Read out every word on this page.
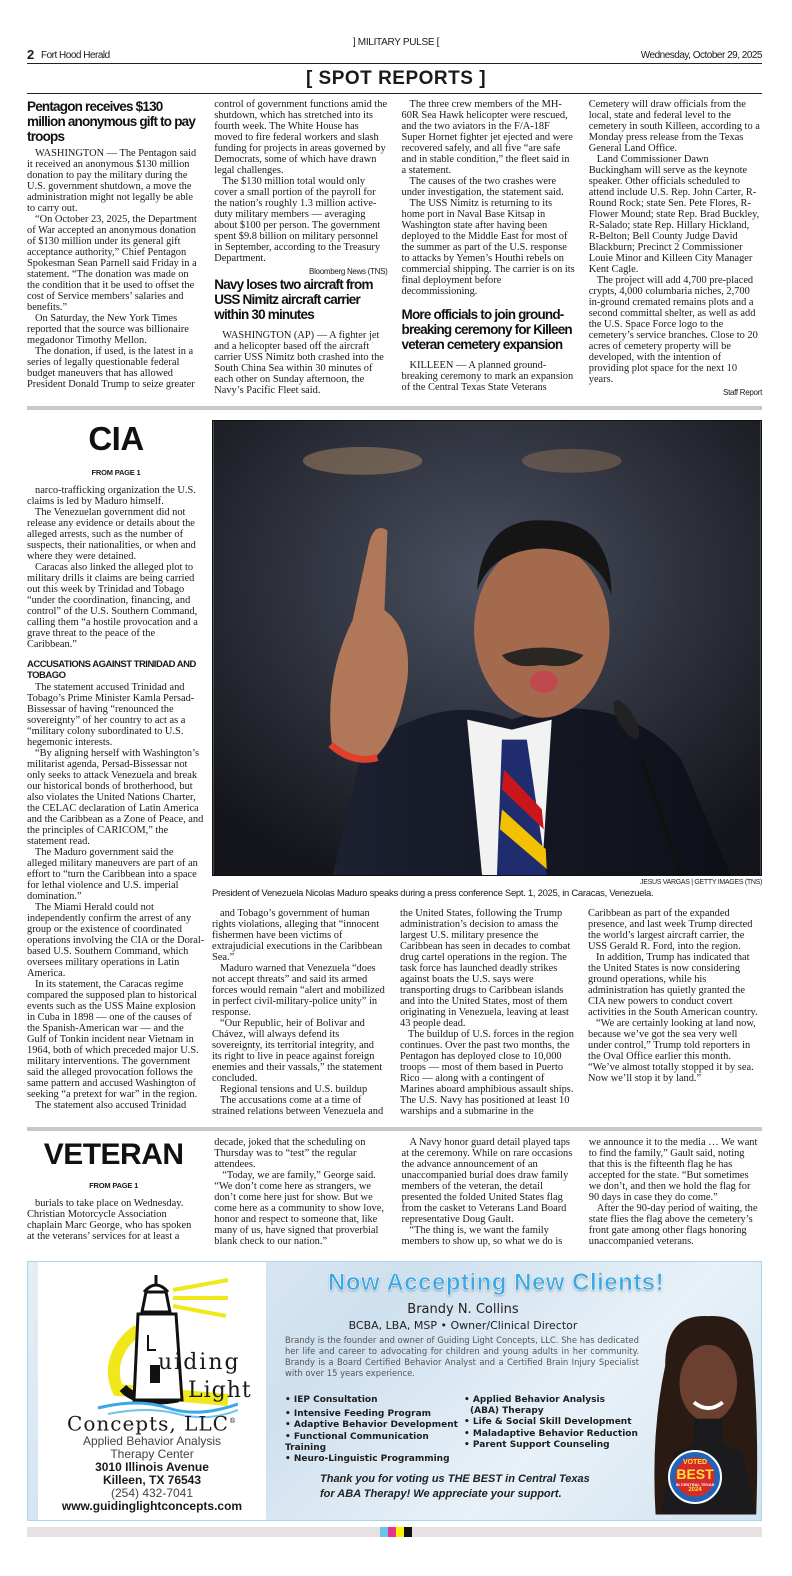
2 Fort Hood Herald
] MILITARY PULSE [
Wednesday, October 29, 2025
[ SPOT REPORTS ]
Pentagon receives $130 million anonymous gift to pay troops

WASHINGTON — The Pentagon said it received an anonymous $130 million donation to pay the military during the U.S. government shutdown, a move the administration might not legally be able to carry out.

“On October 23, 2025, the Department of War accepted an anonymous donation of $130 million under its general gift acceptance authority,” Chief Pentagon Spokesman Sean Parnell said Friday in a statement. “The donation was made on the condition that it be used to offset the cost of Service members’ salaries and benefits.”

On Saturday, the New York Times reported that the source was billionaire megadonor Timothy Mellon.

The donation, if used, is the latest in a series of legally questionable federal budget maneuvers that has allowed President Donald Trump to seize greater control of government functions amid the shutdown, which has stretched into its fourth week. The White House has moved to fire federal workers and slash funding for projects in areas governed by Democrats, some of which have drawn legal challenges.

The $130 million total would only cover a small portion of the payroll for the nation’s roughly 1.3 million active-duty military members — averaging about $100 per person. The government spent $9.8 billion on military personnel in September, according to the Treasury Department.

Bloomberg News (TNS)
Navy loses two aircraft from USS Nimitz aircraft carrier within 30 minutes

WASHINGTON (AP) — A fighter jet and a helicopter based off the aircraft carrier USS Nimitz both crashed into the South China Sea within 30 minutes of each other on Sunday afternoon, the Navy’s Pacific Fleet said.

The three crew members of the MH-60R Sea Hawk helicopter were rescued, and the two aviators in the F/A-18F Super Hornet fighter jet ejected and were recovered safely, and all five “are safe and in stable condition,” the fleet said in a statement.

The causes of the two crashes were under investigation, the statement said.

The USS Nimitz is returning to its home port in Naval Base Kitsap in Washington state after having been deployed to the Middle East for most of the summer as part of the U.S. response to attacks by Yemen’s Houthi rebels on commercial shipping. The carrier is on its final deployment before decommissioning.

More officials to join ground-breaking ceremony for Killeen veteran cemetery expansion

KILLEEN — A planned ground-breaking ceremony to mark an expansion of the Central Texas State Veterans Cemetery will draw officials from the local, state and federal level to the cemetery in south Killeen, according to a Monday press release from the Texas General Land Office.

Land Commissioner Dawn Buckingham will serve as the keynote speaker. Other officials scheduled to attend include U.S. Rep. John Carter, R-Round Rock; state Sen. Pete Flores, R-Flower Mound; state Rep. Brad Buckley, R-Salado; state Rep. Hillary Hickland, R-Belton; Bell County Judge David Blackburn; Precinct 2 Commissioner Louie Minor and Killeen City Manager Kent Cagle.

The project will add 4,700 pre-placed crypts, 4,000 columbaria niches, 2,700 in-ground cremated remains plots and a second committal shelter, as well as add the U.S. Space Force logo to the cemetery’s service branches. Close to 20 acres of cemetery property will be developed, with the intention of providing plot space for the next 10 years.

Staff Report
CIA
FROM PAGE 1

narco-trafficking organization the U.S. claims is led by Maduro himself.

The Venezuelan government did not release any evidence or details about the alleged arrests, such as the number of suspects, their nationalities, or when and where they were detained.

Caracas also linked the alleged plot to military drills it claims are being carried out this week by Trinidad and Tobago “under the coordination, financing, and control” of the U.S. Southern Command, calling them “a hostile provocation and a grave threat to the peace of the Caribbean.”

ACCUSATIONS AGAINST TRINIDAD AND TOBAGO

The statement accused Trinidad and Tobago’s Prime Minister Kamla Persad-Bissessar of having “renounced the sovereignty” of her country to act as a “military colony subordinated to U.S. hegemonic interests.

“By aligning herself with Washington’s militarist agenda, Persad-Bissessar not only seeks to attack Venezuela and break our historical bonds of brotherhood, but also violates the United Nations Charter, the CELAC declaration of Latin America and the Caribbean as a Zone of Peace, and the principles of CARICOM,” the statement read.

The Maduro government said the alleged military maneuvers are part of an effort to “turn the Caribbean into a space for lethal violence and U.S. imperial domination.”

The Miami Herald could not independently confirm the arrest of any group or the existence of coordinated operations involving the CIA or the Doral-based U.S. Southern Command, which oversees military operations in Latin America.

In its statement, the Caracas regime compared the supposed plan to historical events such as the USS Maine explosion in Cuba in 1898 — one of the causes of the Spanish-American war — and the Gulf of Tonkin incident near Vietnam in 1964, both of which preceded major U.S. military interventions. The government said the alleged provocation follows the same pattern and accused Washington of seeking “a pretext for war” in the region.

The statement also accused Trinidad

JESUS VARGAS | GETTY IMAGES (TNS)
President of Venezuela Nicolas Maduro speaks during a press conference Sept. 1, 2025, in Caracas, Venezuela.

and Tobago’s government of human rights violations, alleging that “innocent fishermen have been victims of extrajudicial executions in the Caribbean Sea.”

Maduro warned that Venezuela “does not accept threats” and said its armed forces would remain “alert and mobilized in perfect civil-military-police unity” in response.

“Our Republic, heir of Bolivar and Chávez, will always defend its sovereignty, its territorial integrity, and its right to live in peace against foreign enemies and their vassals,” the statement concluded.

Regional tensions and U.S. buildup

The accusations come at a time of strained relations between Venezuela and the United States, following the Trump administration’s decision to amass the largest U.S. military presence the Caribbean has seen in decades to combat drug cartel operations in the region. The task force has launched deadly strikes against boats the U.S. says were transporting drugs to Caribbean islands and into the United States, most of them originating in Venezuela, leaving at least 43 people dead.

The buildup of U.S. forces in the region continues. Over the past two months, the Pentagon has deployed close to 10,000 troops — most of them based in Puerto Rico — along with a contingent of Marines aboard amphibious assault ships. The U.S. Navy has positioned at least 10 warships and a submarine in the Caribbean as part of the expanded presence, and last week Trump directed the world’s largest aircraft carrier, the USS Gerald R. Ford, into the region.

In addition, Trump has indicated that the United States is now considering ground operations, while his administration has quietly granted the CIA new powers to conduct covert activities in the South American country.

“We are certainly looking at land now, because we’ve got the sea very well under control,” Trump told reporters in the Oval Office earlier this month. “We’ve almost totally stopped it by sea. Now we’ll stop it by land.”

VETERAN
FROM PAGE 1

burials to take place on Wednesday. Christian Motorcycle Association chaplain Marc George, who has spoken at the veterans’ services for at least a decade, joked that the scheduling on Thursday was to “test” the regular attendees.

“Today, we are family,” George said. “We don’t come here as strangers, we don’t come here just for show. But we come here as a community to show love, honor and respect to someone that, like many of us, have signed that proverbial blank check to our nation.”

A Navy honor guard detail played taps at the ceremony. While on rare occasions the advance announcement of an unaccompanied burial does draw family members of the veteran, the detail presented the folded United States flag from the casket to Veterans Land Board representative Doug Gault.

“The thing is, we want the family members to show up, so what we do is we announce it to the media … We want to find the family,” Gault said, noting that this is the fifteenth flag he has accepted for the state. “But sometimes we don’t, and then we hold the flag for 90 days in case they do come.”

After the 90-day period of waiting, the state flies the flag above the cemetery’s front gate among other flags honoring unaccompanied veterans.

uiding
Light
Concepts, LLC®
Applied Behavior Analysis
Therapy Center
3010 Illinois Avenue
Killeen, TX 76543
(254) 432-7041
www.guidinglightconcepts.com
Now Accepting New Clients!
Brandy N. Collins
BCBA, LBA, MSP • Owner/Clinical Director
Brandy is the founder and owner of Guiding Light Concepts, LLC. She has dedicated her life and career to advocating for children and young adults in her community. Brandy is a Board Certified Behavior Analyst and a Certified Brain Injury Specialist with over 15 years experience.
• IEP Consultation
• Intensive Feeding Program
• Adaptive Behavior Development
• Functional Communication Training
• Neuro-Linguistic Programming
• Applied Behavior Analysis
(ABA) Therapy
• Life & Social Skill Development
• Maladaptive Behavior Reduction
• Parent Support Counseling
Thank you for voting us THE BEST in Central Texas
for ABA Therapy! We appreciate your support.
VOTED
BEST
IN CENTRAL TEXAS
2024
